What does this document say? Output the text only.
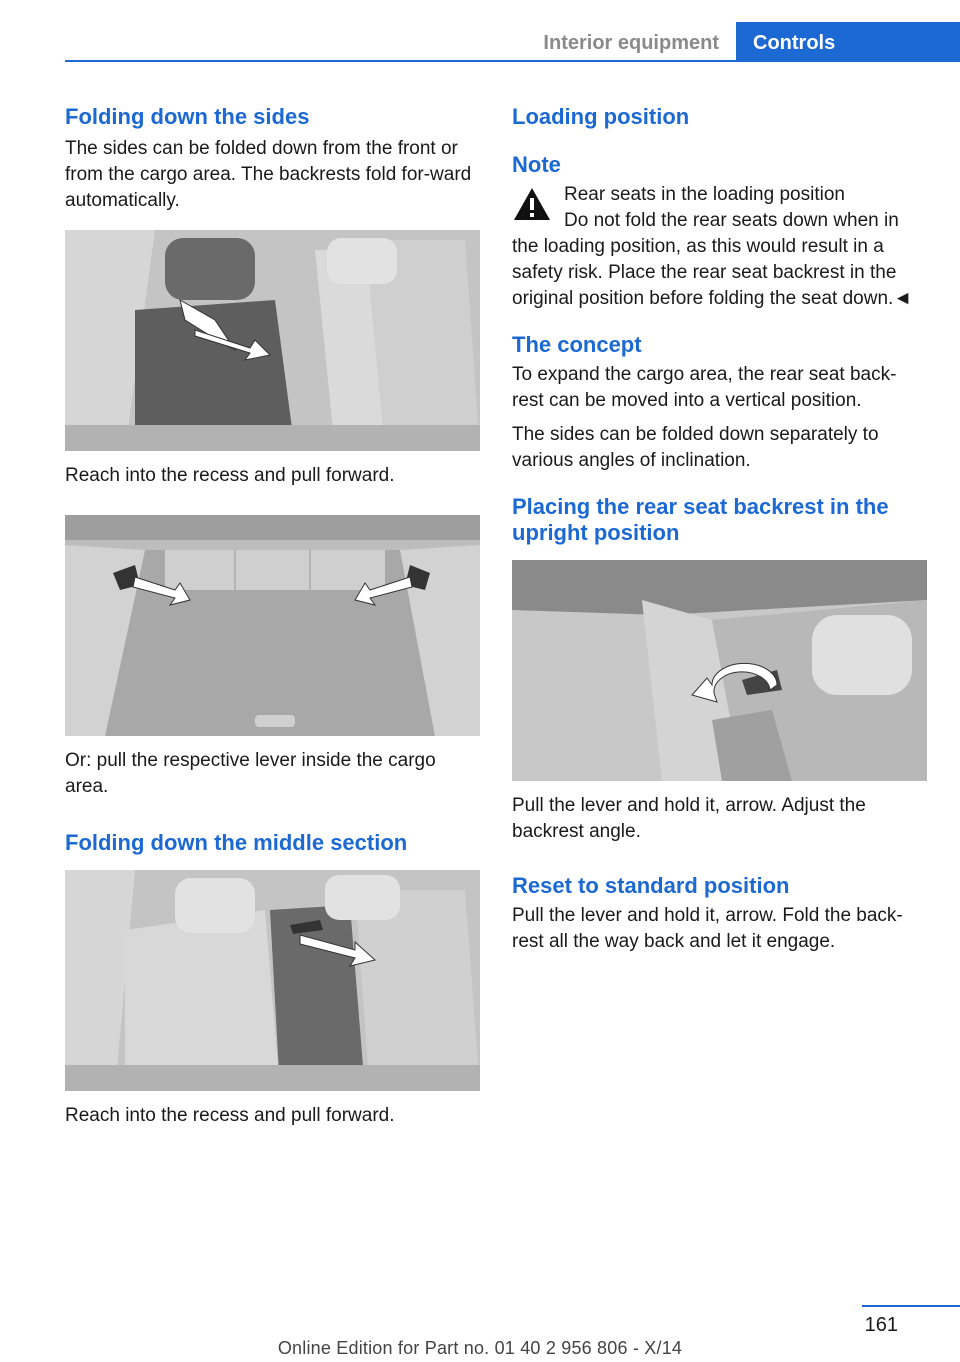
Interior equipment	Controls
Folding down the sides

The sides can be folded down from the front or from the cargo area. The backrests fold for‐ward automatically.

Reach into the recess and pull forward.

Or: pull the respective lever inside the cargo area.

Folding down the middle section

Reach into the recess and pull forward.

Loading position
Note

Rear seats in the loading position

Do not fold the rear seats down when in the loading position, as this would result in a safety risk. Place the rear seat backrest in the original position before folding the seat down.◄

The concept

To expand the cargo area, the rear seat back‐rest can be moved into a vertical position.

The sides can be folded down separately to various angles of inclination.

Placing the rear seat backrest in the upright position

Pull the lever and hold it, arrow. Adjust the backrest angle.

Reset to standard position

Pull the lever and hold it, arrow. Fold the back‐rest all the way back and let it engage.

161
Online Edition for Part no. 01 40 2 956 806 - X/14
